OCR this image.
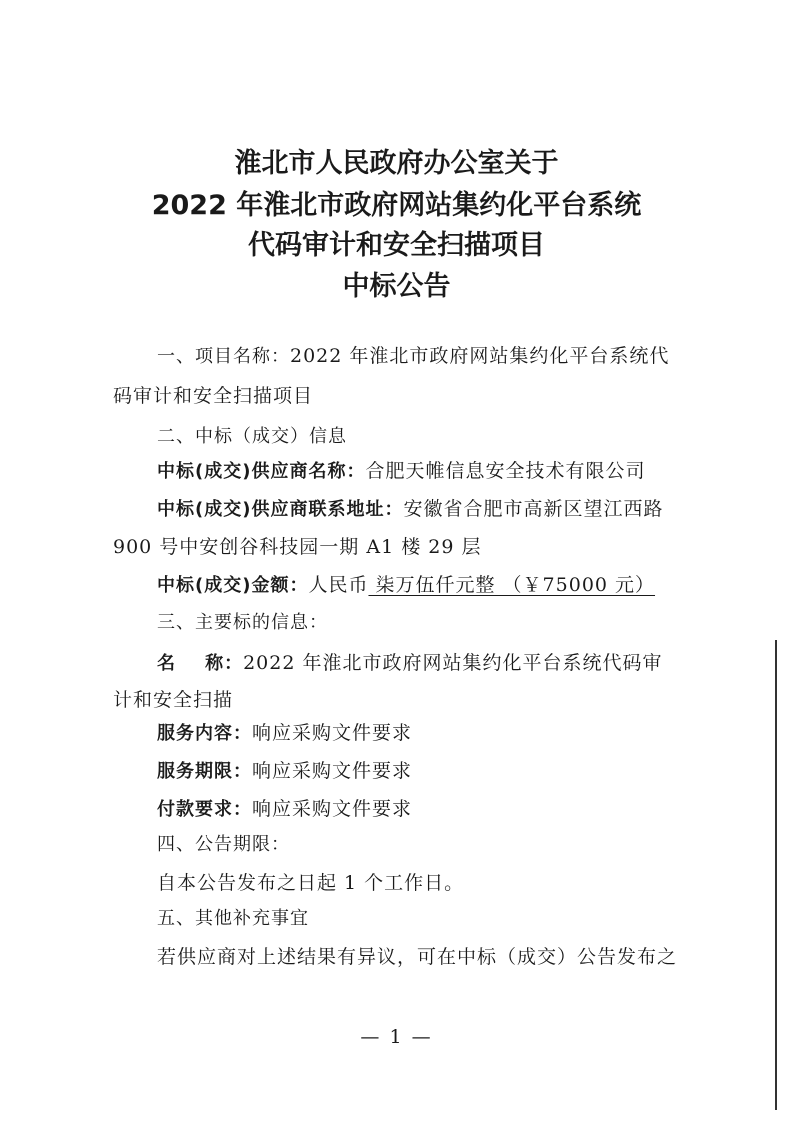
淮北市人民政府办公室关于
2022 年淮北市政府网站集约化平台系统
代码审计和安全扫描项目
中标公告
一、项目名称：2022 年淮北市政府网站集约化平台系统代
码审计和安全扫描项目
二、中标（成交）信息
中标(成交)供应商名称：合肥天帷信息安全技术有限公司
中标(成交)供应商联系地址：安徽省合肥市高新区望江西路
900 号中安创谷科技园一期 A1 楼 29 层
中标(成交)金额：人民币 柒万伍仟元整 （￥75000 元）
三、主要标的信息：
名    称：2022 年淮北市政府网站集约化平台系统代码审
计和安全扫描
服务内容：响应采购文件要求
服务期限：响应采购文件要求
付款要求：响应采购文件要求
四、公告期限：
自本公告发布之日起 1 个工作日。
五、其他补充事宜
若供应商对上述结果有异议，可在中标（成交）公告发布之
— 1 —
